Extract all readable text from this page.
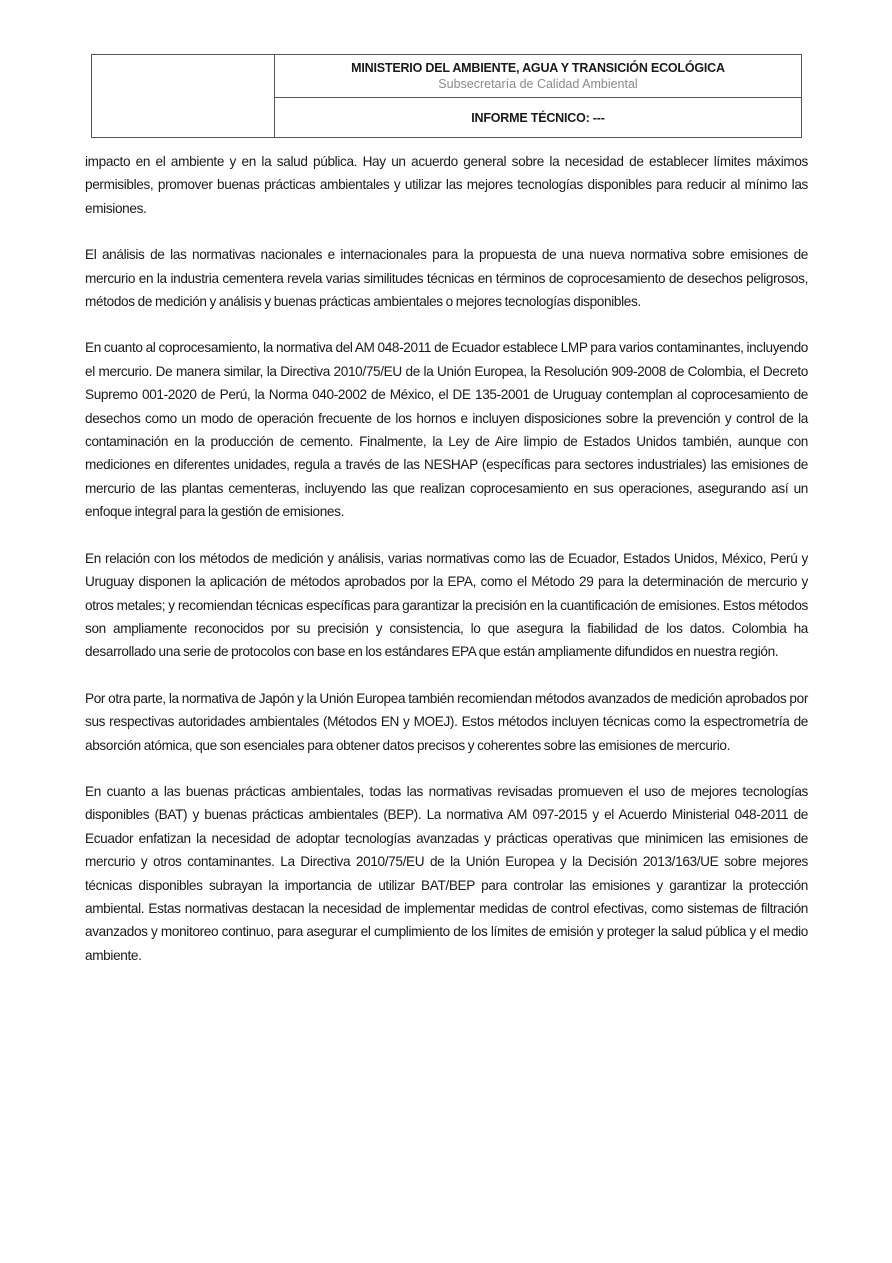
MINISTERIO DEL AMBIENTE, AGUA Y TRANSICIÓN ECOLÓGICA
Subsecretaría de Calidad Ambiental
INFORME TÉCNICO: ---

impacto en el ambiente y en la salud pública. Hay un acuerdo general sobre la necesidad de establecer límites máximos permisibles, promover buenas prácticas ambientales y utilizar las mejores tecnologías disponibles para reducir al mínimo las emisiones.

El análisis de las normativas nacionales e internacionales para la propuesta de una nueva normativa sobre emisiones de mercurio en la industria cementera revela varias similitudes técnicas en términos de coprocesamiento de desechos peligrosos, métodos de medición y análisis y buenas prácticas ambientales o mejores tecnologías disponibles.

En cuanto al coprocesamiento, la normativa del AM 048-2011 de Ecuador establece LMP para varios contaminantes, incluyendo el mercurio. De manera similar, la Directiva 2010/75/EU de la Unión Europea, la Resolución 909-2008 de Colombia, el Decreto Supremo 001-2020 de Perú, la Norma 040-2002 de México, el DE 135-2001 de Uruguay contemplan al coprocesamiento de desechos como un modo de operación frecuente de los hornos e incluyen disposiciones sobre la prevención y control de la contaminación en la producción de cemento. Finalmente, la Ley de Aire limpio de Estados Unidos también, aunque con mediciones en diferentes unidades, regula a través de las NESHAP (específicas para sectores industriales) las emisiones de mercurio de las plantas cementeras, incluyendo las que realizan coprocesamiento en sus operaciones, asegurando así un enfoque integral para la gestión de emisiones.

En relación con los métodos de medición y análisis, varias normativas como las de Ecuador, Estados Unidos, México, Perú y Uruguay disponen la aplicación de métodos aprobados por la EPA, como el Método 29 para la determinación de mercurio y otros metales; y recomiendan técnicas específicas para garantizar la precisión en la cuantificación de emisiones. Estos métodos son ampliamente reconocidos por su precisión y consistencia, lo que asegura la fiabilidad de los datos. Colombia ha desarrollado una serie de protocolos con base en los estándares EPA que están ampliamente difundidos en nuestra región.

Por otra parte, la normativa de Japón y la Unión Europea también recomiendan métodos avanzados de medición aprobados por sus respectivas autoridades ambientales (Métodos EN y MOEJ). Estos métodos incluyen técnicas como la espectrometría de absorción atómica, que son esenciales para obtener datos precisos y coherentes sobre las emisiones de mercurio.

En cuanto a las buenas prácticas ambientales, todas las normativas revisadas promueven el uso de mejores tecnologías disponibles (BAT) y buenas prácticas ambientales (BEP). La normativa AM 097-2015 y el Acuerdo Ministerial 048-2011 de Ecuador enfatizan la necesidad de adoptar tecnologías avanzadas y prácticas operativas que minimicen las emisiones de mercurio y otros contaminantes. La Directiva 2010/75/EU de la Unión Europea y la Decisión 2013/163/UE sobre mejores técnicas disponibles subrayan la importancia de utilizar BAT/BEP para controlar las emisiones y garantizar la protección ambiental. Estas normativas destacan la necesidad de implementar medidas de control efectivas, como sistemas de filtración avanzados y monitoreo continuo, para asegurar el cumplimiento de los límites de emisión y proteger la salud pública y el medio ambiente.
